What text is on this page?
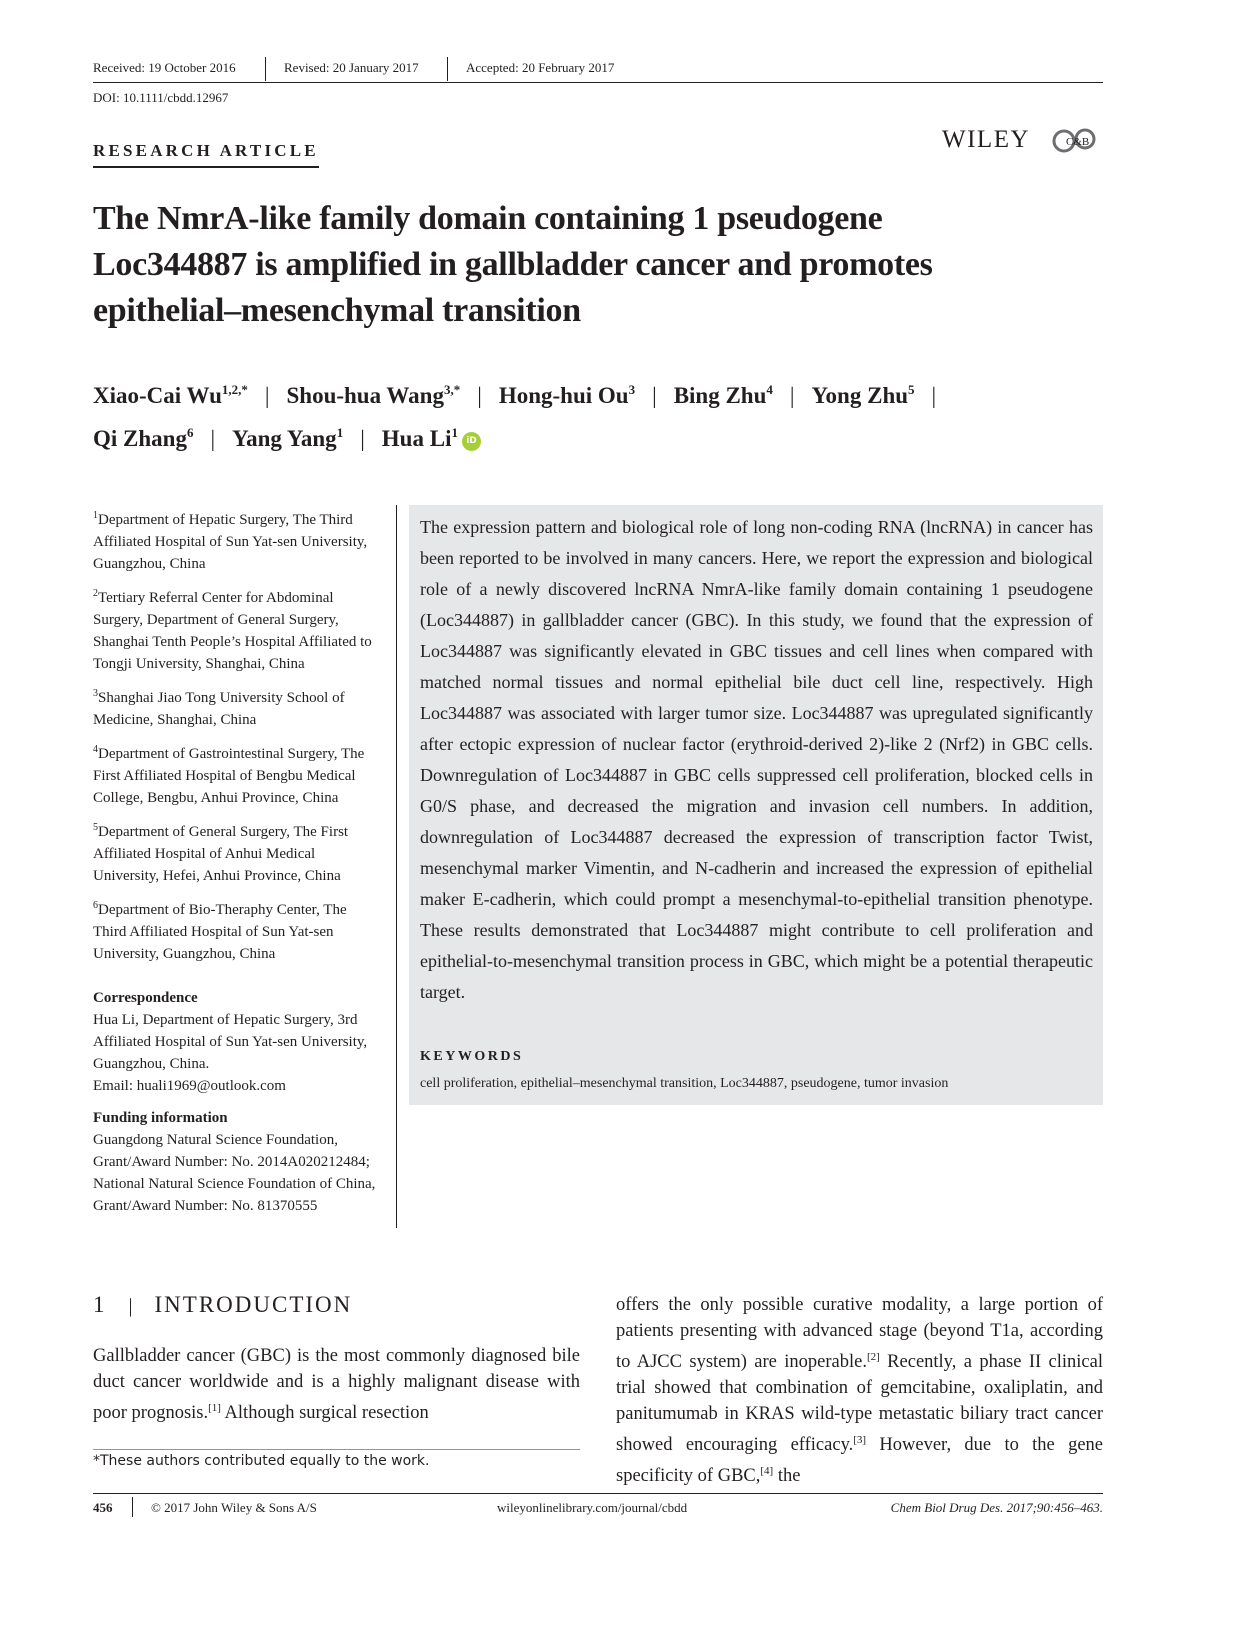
Received: 19 October 2016	Revised: 20 January 2017	Accepted: 20 February 2017
DOI: 10.1111/cbdd.12967
RESEARCH ARTICLE	WILEY	C&B
The NmrA-like family domain containing 1 pseudogene
Loc344887 is amplified in gallbladder cancer and promotes
epithelial–mesenchymal transition
Xiao-Cai $Wu^{1,2,*}$ | Shou-hua Wang$^{3,*}$ | Hong-hui Ou$^3$ | Bing Zhu$^4$ | Yong Zhu$^5$ |
Qi Zhang$^6$ | Yang Yang$^1$ | Hua Li$^1$iD

$^1$Department of Hepatic Surgery, The Third Affiliated Hospital of Sun Yat-sen University, Guangzhou, China

$^2$Tertiary Referral Center for Abdominal Surgery, Department of General Surgery, Shanghai Tenth People’s Hospital Affiliated to Tongji University, Shanghai, China

$^3$Shanghai Jiao Tong University School of Medicine, Shanghai, China

$^4$Department of Gastrointestinal Surgery, The First Affiliated Hospital of Bengbu Medical College, Bengbu, Anhui Province, China

$^5$Department of General Surgery, The First Affiliated Hospital of Anhui Medical University, Hefei, Anhui Province, China

$^6$Department of Bio-Theraphy Center, The Third Affiliated Hospital of Sun Yat-sen University, Guangzhou, China

Correspondence
Hua Li, Department of Hepatic Surgery, 3rd Affiliated Hospital of Sun Yat-sen University, Guangzhou, China.
Email: huali1969@outlook.com
Funding information
Guangdong Natural Science Foundation, Grant/Award Number: No. 2014A020212484; National Natural Science Foundation of China, Grant/Award Number: No. 81370555
The expression pattern and biological role of long non-coding RNA (lncRNA) in cancer has been reported to be involved in many cancers. Here, we report the expression and biological role of a newly discovered lncRNA NmrA-like family domain containing 1 pseudogene (Loc344887) in gallbladder cancer (GBC). In this study, we found that the expression of Loc344887 was significantly elevated in GBC tissues and cell lines when compared with matched normal tissues and normal epithelial bile duct cell line, respectively. High Loc344887 was associated with larger tumor size. Loc344887 was upregulated significantly after ectopic expression of nuclear factor (erythroid-derived 2)-like 2 (Nrf2) in GBC cells. Downregulation of Loc344887 in GBC cells suppressed cell proliferation, blocked cells in G0/S phase, and decreased the migration and invasion cell numbers. In addition, downregulation of Loc344887 decreased the expression of transcription factor Twist, mesenchymal marker Vimentin, and N-cadherin and increased the expression of epithelial maker E-cadherin, which could prompt a mesenchymal-to-epithelial transition phenotype. These results demonstrated that Loc344887 might contribute to cell proliferation and epithelial-to-mesenchymal transition process in GBC, which might be a potential therapeutic target.
KEYWORDS
cell proliferation, epithelial–mesenchymal transition, Loc344887, pseudogene, tumor invasion
1 | INTRODUCTION
Gallbladder cancer (GBC) is the most commonly diagnosed bile duct cancer worldwide and is a highly malignant disease with poor prognosis.[1] Although surgical resection
offers the only possible curative modality, a large portion of patients presenting with advanced stage (beyond T1a, according to AJCC system) are inoperable.[2] Recently, a phase II clinical trial showed that combination of gemcitabine, oxaliplatin, and panitumumab in KRAS wild-type metastatic biliary tract cancer showed encouraging efficacy.[3] However, due to the gene specificity of GBC,[4] the
*These authors contributed equally to the work.
456	© 2017 John Wiley & Sons A/S	wileyonlinelibrary.com/journal/cbdd	Chem Biol Drug Des. 2017;90:456–463.
